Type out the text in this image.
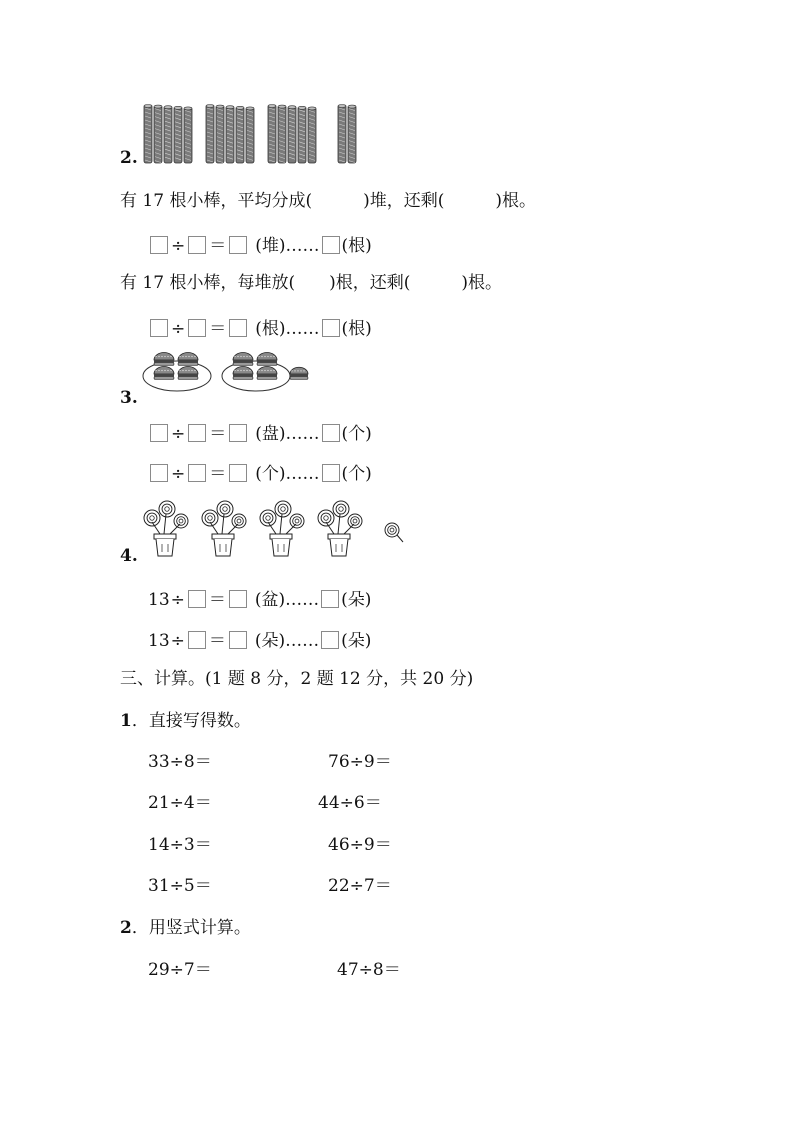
2.
有 17 根小棒，平均分成(　　　)堆，还剩(　　　)根。
÷ ＝ (堆)…… (根)
有 17 根小棒，每堆放(　　)根，还剩(　　　)根。
÷ ＝ (根)…… (根)
3.
÷ ＝ (盘)…… (个)
÷ ＝ (个)…… (个)
4.
13÷ ＝ (盆)…… (朵)
13÷ ＝ (朵)…… (朵)
三、计算。(1 题 8 分，2 题 12 分，共 20 分)
1．直接写得数。
33÷8＝	76÷9＝
21÷4＝	44÷6＝
14÷3＝	46÷9＝
31÷5＝	22÷7＝
2．用竖式计算。
29÷7＝	47÷8＝
